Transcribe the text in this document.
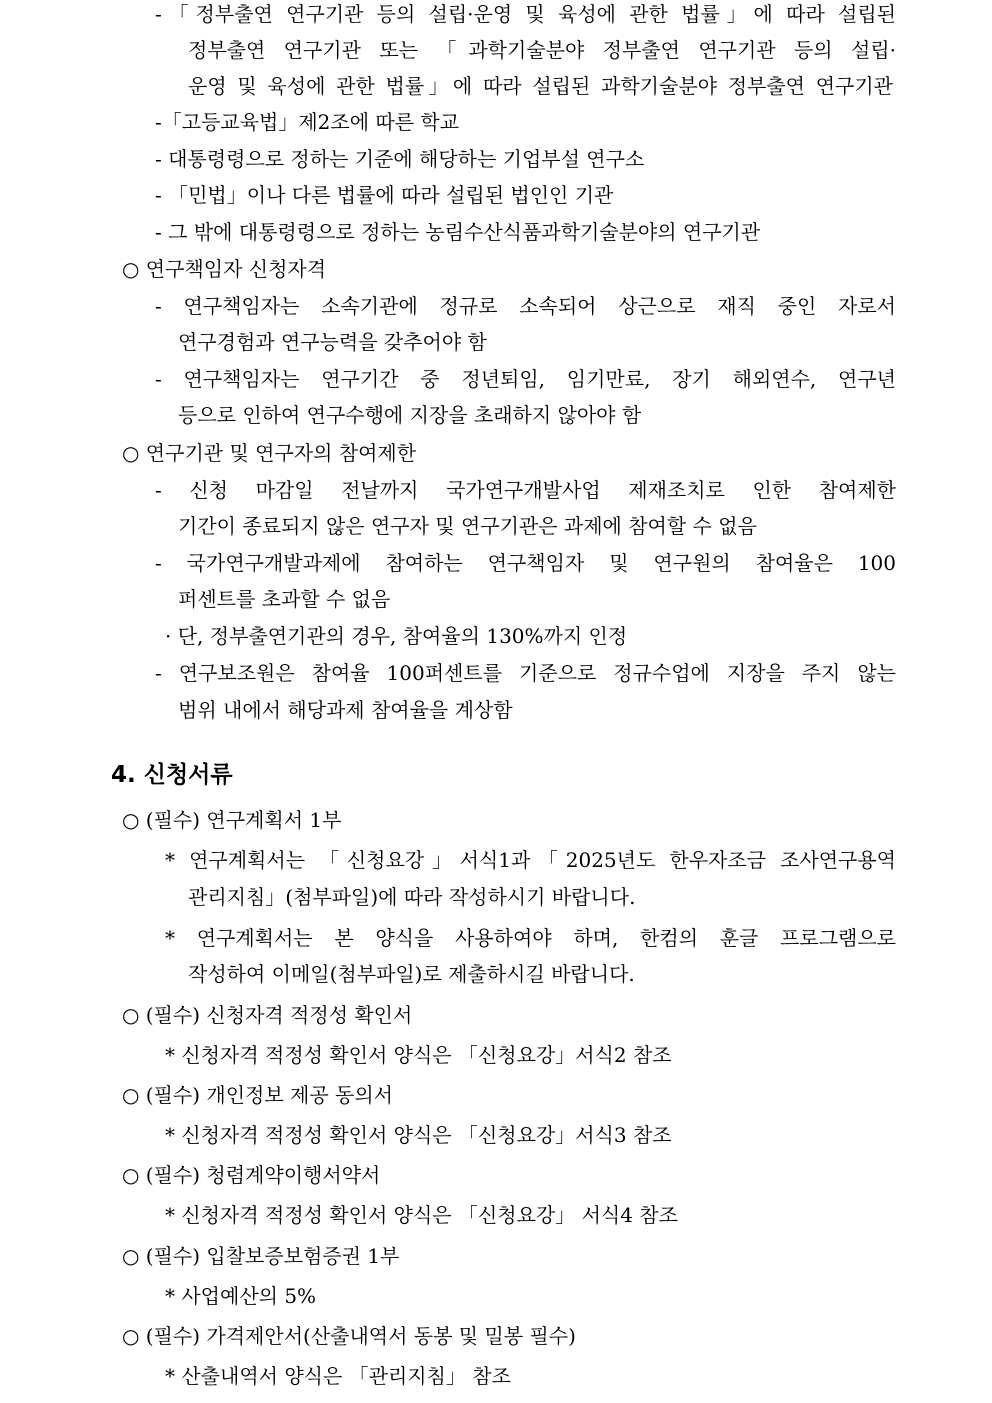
-「정부출연 연구기관 등의 설립·운영 및 육성에 관한 법률」에 따라 설립된
정부출연 연구기관 또는 「과학기술분야 정부출연 연구기관 등의 설립·
운영 및 육성에 관한 법률」에 따라 설립된 과학기술분야 정부출연 연구기관
-「고등교육법」제2조에 따른 학교
- 대통령령으로 정하는 기준에 해당하는 기업부설 연구소
- 「민법」이나 다른 법률에 따라 설립된 법인인 기관
- 그 밖에 대통령령으로 정하는 농림수산식품과학기술분야의 연구기관
○ 연구책임자 신청자격
- 연구책임자는 소속기관에 정규로 소속되어 상근으로 재직 중인 자로서
연구경험과 연구능력을 갖추어야 함
- 연구책임자는 연구기간 중 정년퇴임, 임기만료, 장기 해외연수, 연구년
등으로 인하여 연구수행에 지장을 초래하지 않아야 함
○ 연구기관 및 연구자의 참여제한
- 신청 마감일 전날까지 국가연구개발사업 제재조치로 인한 참여제한
기간이 종료되지 않은 연구자 및 연구기관은 과제에 참여할 수 없음
- 국가연구개발과제에 참여하는 연구책임자 및 연구원의 참여율은 100
퍼센트를 초과할 수 없음
· 단, 정부출연기관의 경우, 참여율의 130%까지 인정
- 연구보조원은 참여율 100퍼센트를 기준으로 정규수업에 지장을 주지 않는
범위 내에서 해당과제 참여율을 계상함
4. 신청서류
○ (필수) 연구계획서 1부
* 연구계획서는 「신청요강」서식1과「2025년도 한우자조금 조사연구용역
관리지침」(첨부파일)에 따라 작성하시기 바랍니다.
* 연구계획서는 본 양식을 사용하여야 하며, 한컴의 훈글 프로그램으로
작성하여 이메일(첨부파일)로 제출하시길 바랍니다.
○ (필수) 신청자격 적정성 확인서
* 신청자격 적정성 확인서 양식은 「신청요강」서식2 참조
○ (필수) 개인정보 제공 동의서
* 신청자격 적정성 확인서 양식은 「신청요강」서식3 참조
○ (필수) 청렴계약이행서약서
* 신청자격 적정성 확인서 양식은 「신청요강」 서식4 참조
○ (필수) 입찰보증보험증권 1부
* 사업예산의 5%
○ (필수) 가격제안서(산출내역서 동봉 및 밀봉 필수)
* 산출내역서 양식은 「관리지침」 참조
